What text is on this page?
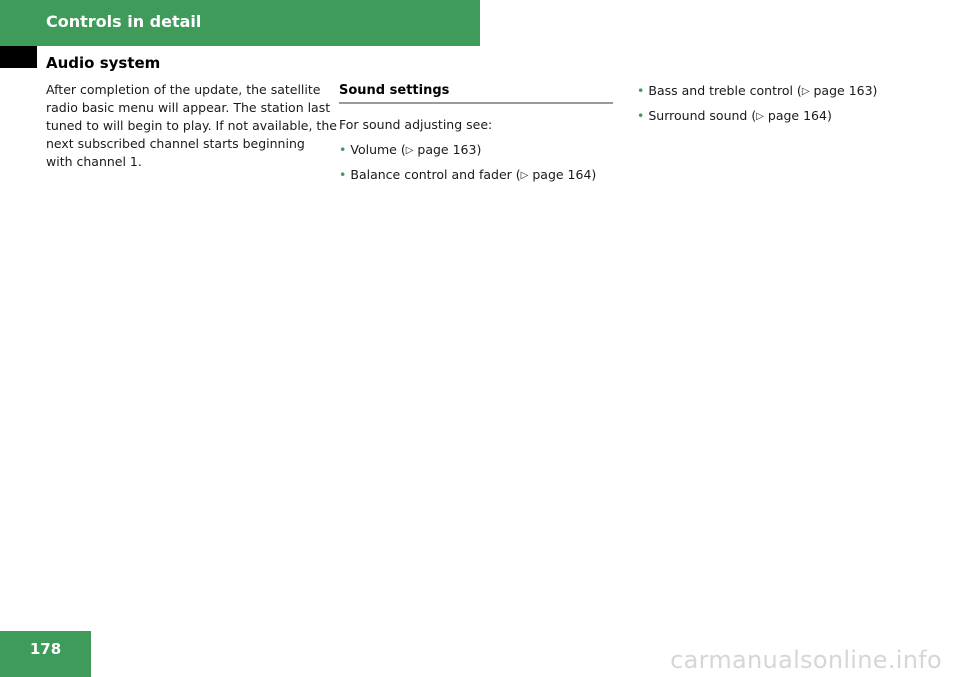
Controls in detail
Audio system

After completion of the update, the satellite
radio basic menu will appear. The station last
tuned to will begin to play. If not available, the
next subscribed channel starts beginning
with channel 1.

Sound settings

For sound adjusting see:

• Volume (▷ page 163)
• Balance control and fader (▷ page 164)
• Bass and treble control (▷ page 163)
• Surround sound (▷ page 164)
178	carmanualsonline.info
